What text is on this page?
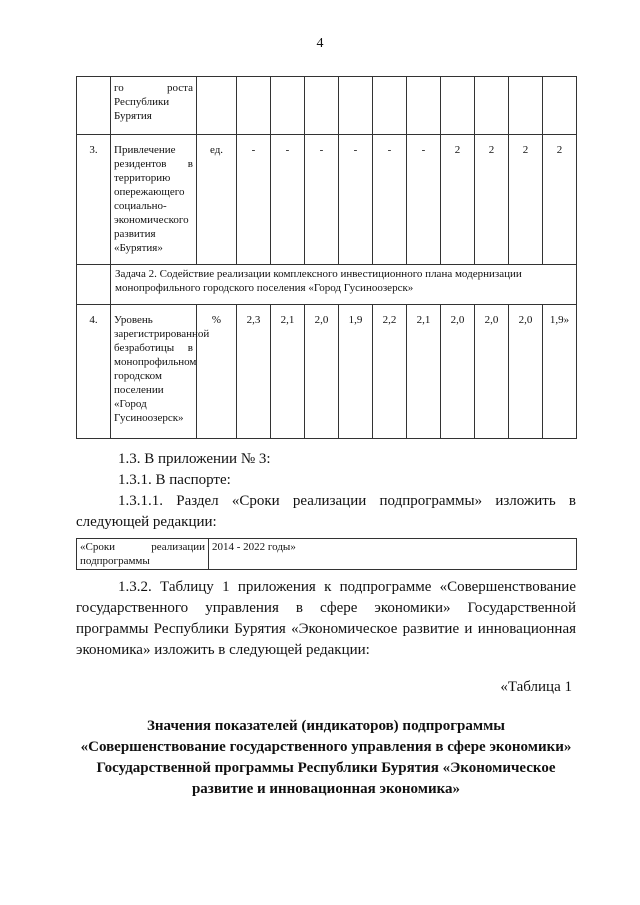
4
	го роста Республики Бурятия											
3.	Привлечение резидентов в территорию опережающего социально-экономического развития «Бурятия»	ед.	-	-	-	-	-	-	2	2	2	2
	Задача 2. Содействие реализации комплексного инвестиционного плана модернизации монопрофильного городского поселения «Город Гусиноозерск»											
4.	Уровень зарегистрированной безработицы в монопрофильном городском поселении «Город Гусиноозерск»	%	2,3	2,1	2,0	1,9	2,2	2,1	2,0	2,0	2,0	1,9»
1.3. В приложении № 3:
1.3.1. В паспорте:
1.3.1.1. Раздел «Сроки реализации подпрограммы» изложить в следующей редакции:
«Сроки реализации подпрограммы	2014 - 2022 годы»
1.3.2. Таблицу 1 приложения к подпрограмме «Совершенствование государственного управления в сфере экономики» Государственной программы Республики Бурятия «Экономическое развитие и инновационная экономика» изложить в следующей редакции:
«Таблица 1
Значения показателей (индикаторов) подпрограммы «Совершенствование государственного управления в сфере экономики» Государственной программы Республики Бурятия «Экономическое развитие и инновационная экономика»
